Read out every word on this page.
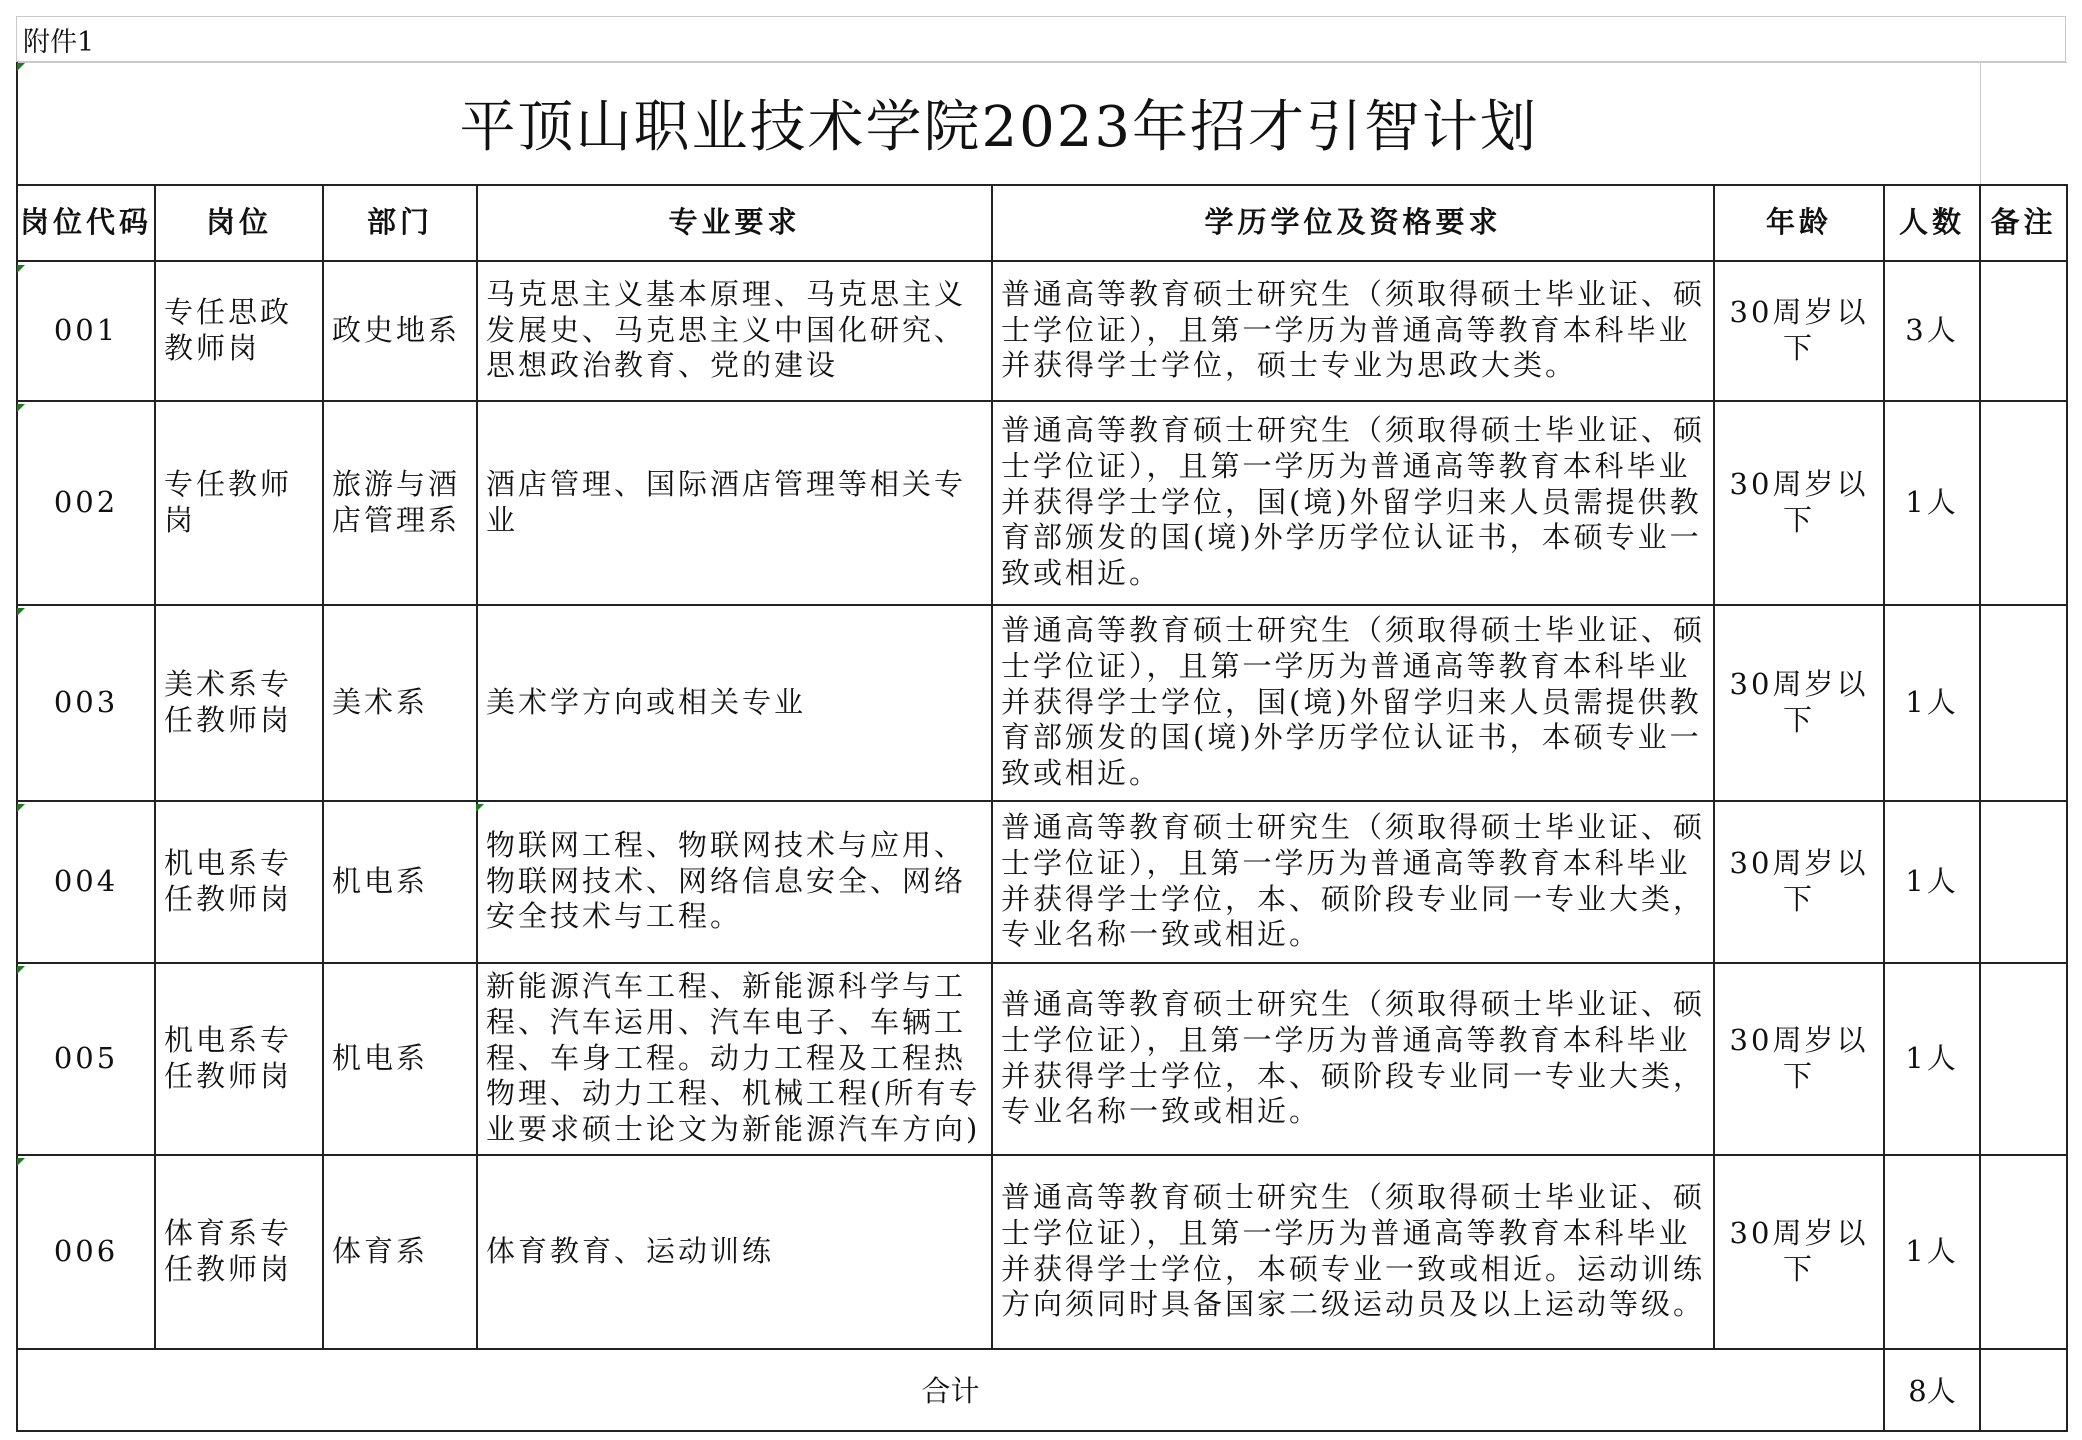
附件1
平顶山职业技术学院2023年招才引智计划							
岗位代码	岗位	部门	专业要求	学历学位及资格要求	年龄	人数	备注
001	专任思政教师岗	政史地系	马克思主义基本原理、马克思主义发展史、马克思主义中国化研究、思想政治教育、党的建设	普通高等教育硕士研究生（须取得硕士毕业证、硕士学位证），且第一学历为普通高等教育本科毕业并获得学士学位，硕士专业为思政大类。	30周岁以下	3人	
002	专任教师岗	旅游与酒店管理系	酒店管理、国际酒店管理等相关专业	普通高等教育硕士研究生（须取得硕士毕业证、硕士学位证），且第一学历为普通高等教育本科毕业并获得学士学位，国(境)外留学归来人员需提供教育部颁发的国(境)外学历学位认证书，本硕专业一致或相近。	30周岁以下	1人	
003	美术系专任教师岗	美术系	美术学方向或相关专业	普通高等教育硕士研究生（须取得硕士毕业证、硕士学位证），且第一学历为普通高等教育本科毕业并获得学士学位，国(境)外留学归来人员需提供教育部颁发的国(境)外学历学位认证书，本硕专业一致或相近。	30周岁以下	1人	
004	机电系专任教师岗	机电系	物联网工程、物联网技术与应用、物联网技术、网络信息安全、网络安全技术与工程。	普通高等教育硕士研究生（须取得硕士毕业证、硕士学位证），且第一学历为普通高等教育本科毕业并获得学士学位，本、硕阶段专业同一专业大类，专业名称一致或相近。	30周岁以下	1人	
005	机电系专任教师岗	机电系	新能源汽车工程、新能源科学与工程、汽车运用、汽车电子、车辆工程、车身工程。动力工程及工程热物理、动力工程、机械工程(所有专业要求硕士论文为新能源汽车方向)	普通高等教育硕士研究生（须取得硕士毕业证、硕士学位证），且第一学历为普通高等教育本科毕业并获得学士学位，本、硕阶段专业同一专业大类，专业名称一致或相近。	30周岁以下	1人	
006	体育系专任教师岗	体育系	体育教育、运动训练	普通高等教育硕士研究生（须取得硕士毕业证、硕士学位证），且第一学历为普通高等教育本科毕业并获得学士学位，本硕专业一致或相近。运动训练方向须同时具备国家二级运动员及以上运动等级。	30周岁以下	1人	
合计						8人	
